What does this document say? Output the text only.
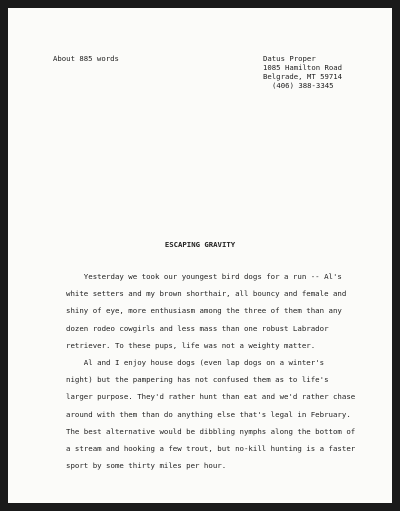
About 885 words	Datus Proper
1085 Hamilton Road
Belgrade, MT 59714
(406) 388-3345
ESCAPING GRAVITY
Yesterday we took our youngest bird dogs for a run -- Al's
white setters and my brown shorthair, all bouncy and female and
shiny of eye, more enthusiasm among the three of them than any
dozen rodeo cowgirls and less mass than one robust Labrador
retriever. To these pups, life was not a weighty matter.
Al and I enjoy house dogs (even lap dogs on a winter's
night) but the pampering has not confused them as to life's
larger purpose. They'd rather hunt than eat and we'd rather chase
around with them than do anything else that's legal in February.
The best alternative would be dibbling nymphs along the bottom of
a stream and hooking a few trout, but no-kill hunting is a faster
sport by some thirty miles per hour.
